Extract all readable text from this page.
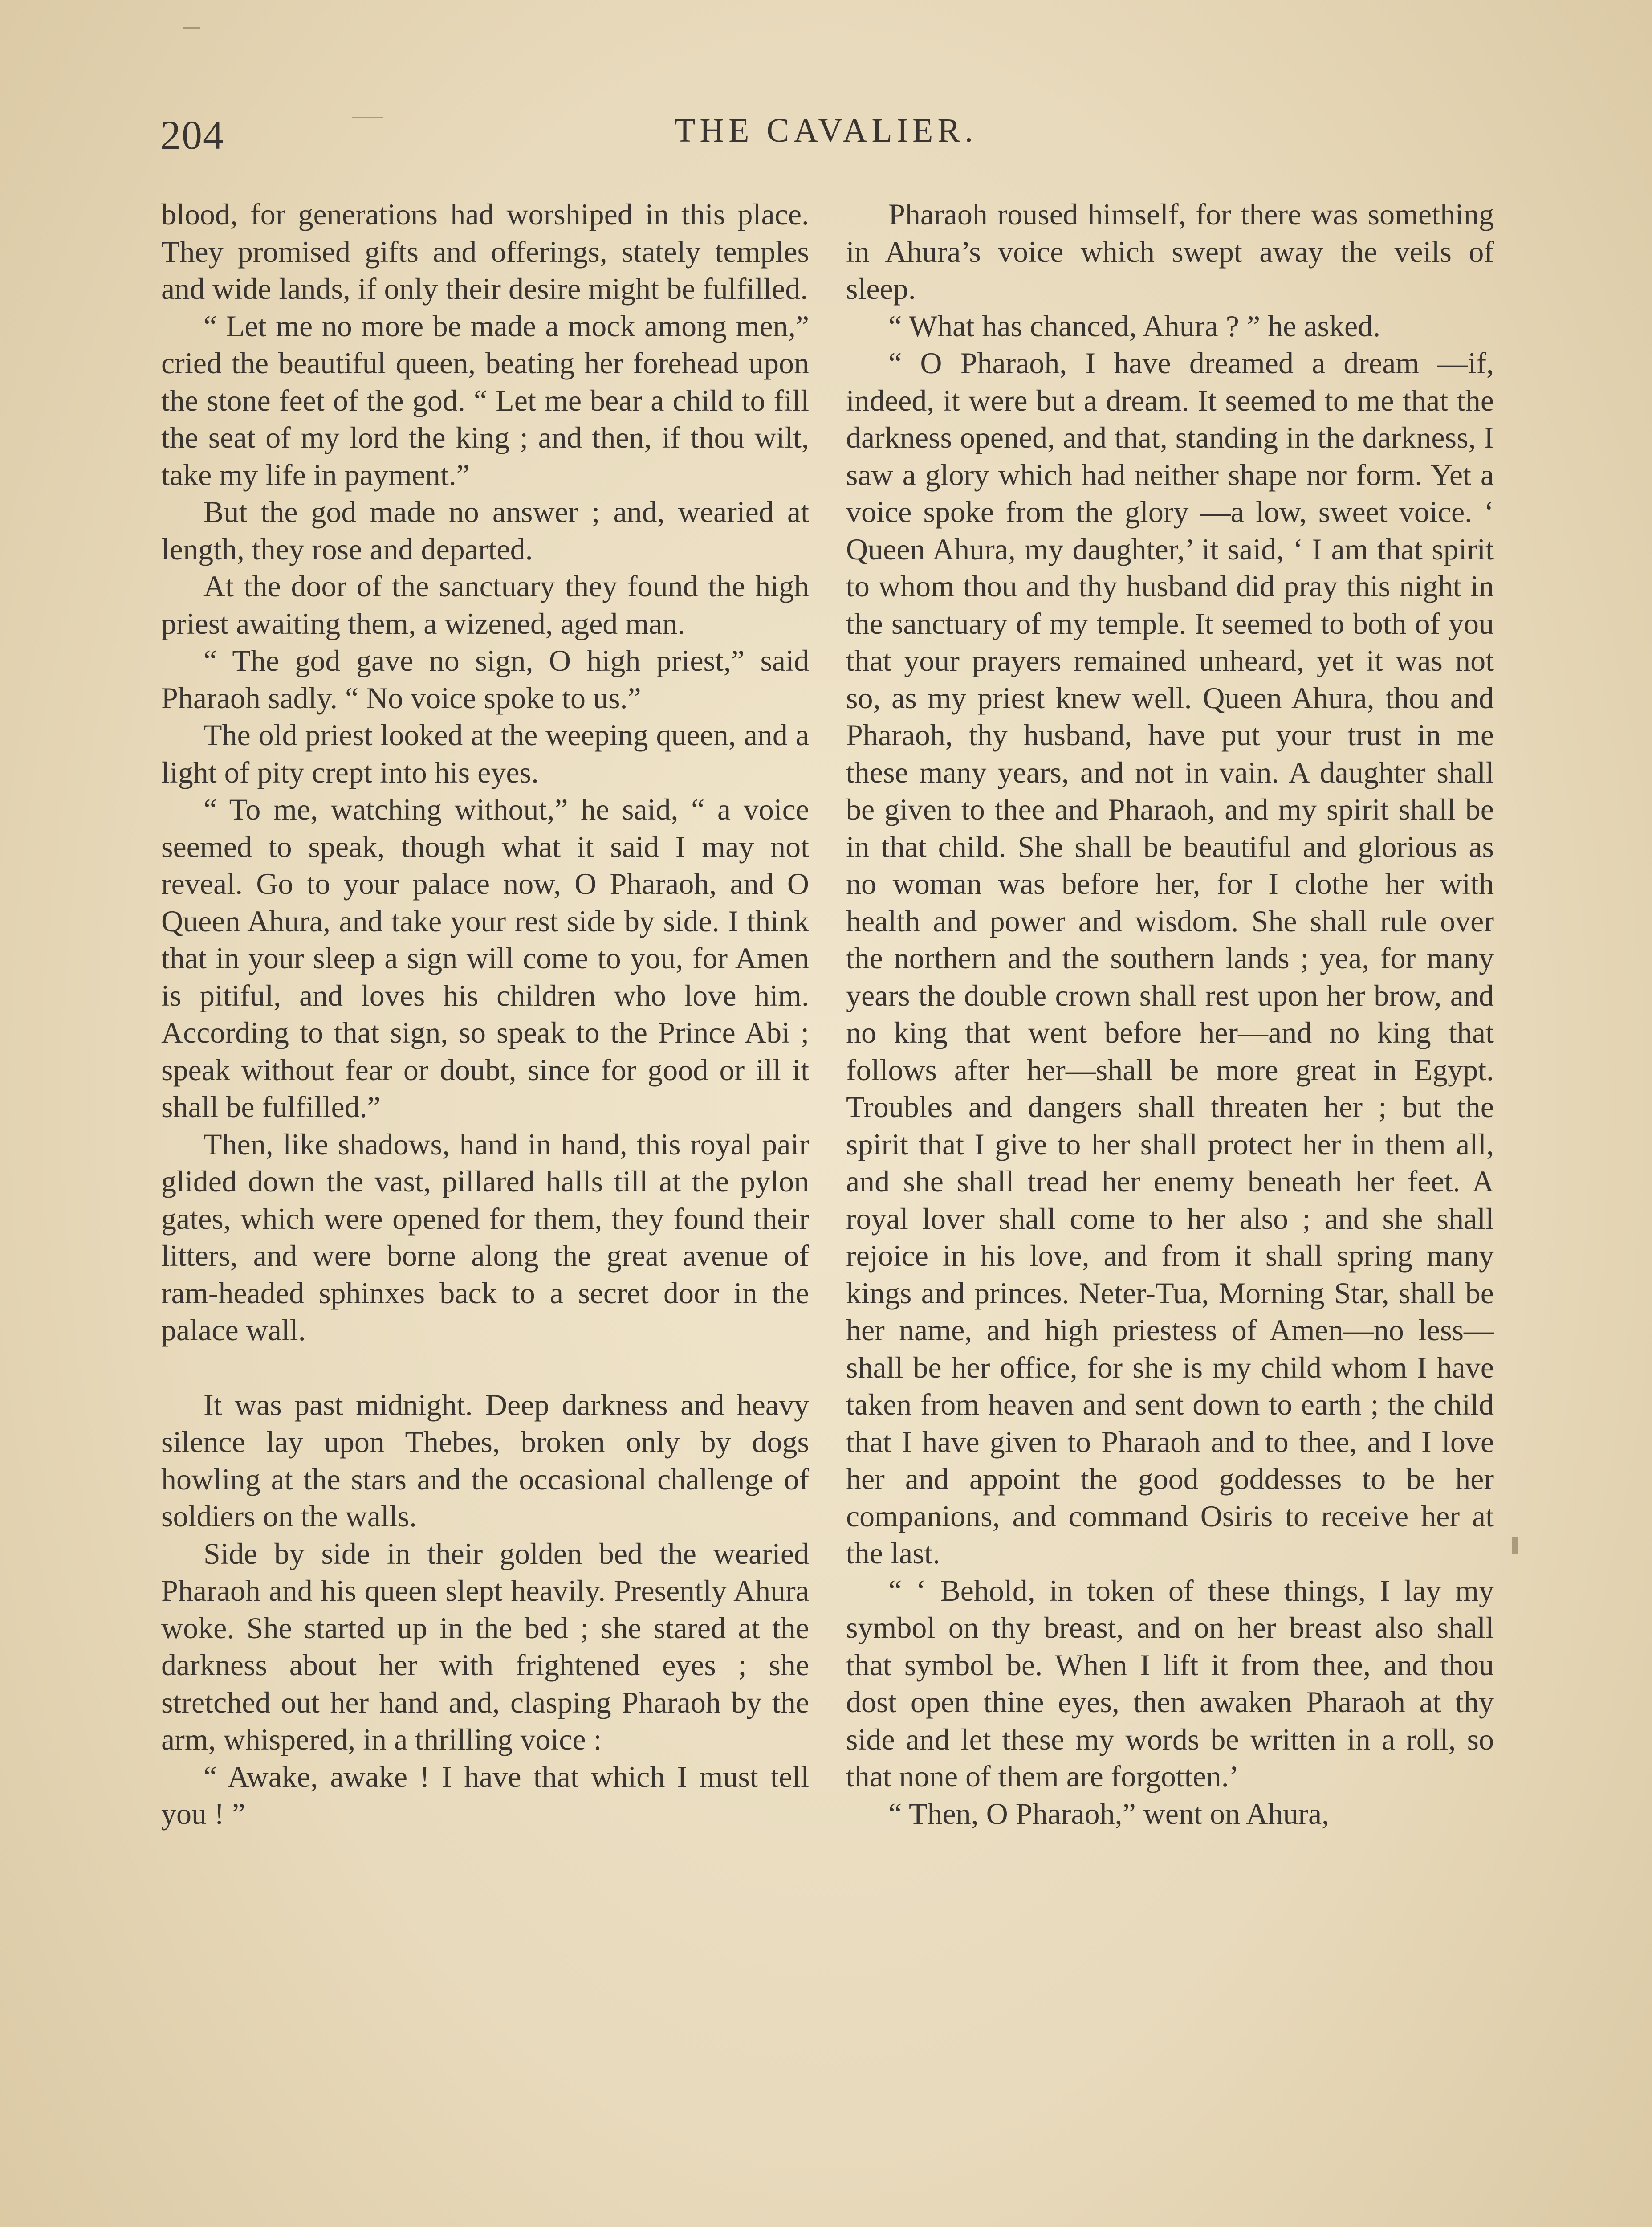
204	THE CAVALIER.

blood, for generations had worshiped in this place. They promised gifts and offerings, stately temples and wide lands, if only their desire might be fulfilled.

“ Let me no more be made a mock among men,” cried the beautiful queen, beating her forehead upon the stone feet of the god. “ Let me bear a child to fill the seat of my lord the king ; and then, if thou wilt, take my life in payment.”

But the god made no answer ; and, wearied at length, they rose and departed.

At the door of the sanctuary they found the high priest awaiting them, a wizened, aged man.

“ The god gave no sign, O high priest,” said Pharaoh sadly. “ No voice spoke to us.”

The old priest looked at the weeping queen, and a light of pity crept into his eyes.

“ To me, watching without,” he said, “ a voice seemed to speak, though what it said I may not reveal. Go to your palace now, O Pharaoh, and O Queen Ahura, and take your rest side by side. I think that in your sleep a sign will come to you, for Amen is pitiful, and loves his children who love him. According to that sign, so speak to the Prince Abi ; speak without fear or doubt, since for good or ill it shall be fulfilled.”

Then, like shadows, hand in hand, this royal pair glided down the vast, pillared halls till at the pylon gates, which were opened for them, they found their litters, and were borne along the great avenue of ram-headed sphinxes back to a secret door in the palace wall.

It was past midnight. Deep darkness and heavy silence lay upon Thebes, broken only by dogs howling at the stars and the occasional challenge of soldiers on the walls.

Side by side in their golden bed the wearied Pharaoh and his queen slept heavily. Presently Ahura woke. She started up in the bed ; she stared at the darkness about her with frightened eyes ; she stretched out her hand and, clasping Pharaoh by the arm, whispered, in a thrilling voice :

“ Awake, awake ! I have that which I must tell you ! ”

Pharaoh roused himself, for there was something in Ahura’s voice which swept away the veils of sleep.

“ What has chanced, Ahura ? ” he asked.

“ O Pharaoh, I have dreamed a dream —if, indeed, it were but a dream. It seemed to me that the darkness opened, and that, standing in the darkness, I saw a glory which had neither shape nor form. Yet a voice spoke from the glory —a low, sweet voice. ‘ Queen Ahura, my daughter,’ it said, ‘ I am that spirit to whom thou and thy husband did pray this night in the sanctuary of my temple. It seemed to both of you that your prayers remained unheard, yet it was not so, as my priest knew well. Queen Ahura, thou and Pharaoh, thy husband, have put your trust in me these many years, and not in vain. A daughter shall be given to thee and Pharaoh, and my spirit shall be in that child. She shall be beautiful and glorious as no woman was before her, for I clothe her with health and power and wisdom. She shall rule over the northern and the southern lands ; yea, for many years the double crown shall rest upon her brow, and no king that went before her—and no king that follows after her—shall be more great in Egypt. Troubles and dangers shall threaten her ; but the spirit that I give to her shall protect her in them all, and she shall tread her enemy beneath her feet. A royal lover shall come to her also ; and she shall rejoice in his love, and from it shall spring many kings and princes. Neter-Tua, Morning Star, shall be her name, and high priestess of Amen—no less—shall be her office, for she is my child whom I have taken from heaven and sent down to earth ; the child that I have given to Pharaoh and to thee, and I love her and appoint the good goddesses to be her companions, and command Osiris to receive her at the last.

“ ‘ Behold, in token of these things, I lay my symbol on thy breast, and on her breast also shall that symbol be. When I lift it from thee, and thou dost open thine eyes, then awaken Pharaoh at thy side and let these my words be written in a roll, so that none of them are forgotten.’

“ Then, O Pharaoh,” went on Ahura,
